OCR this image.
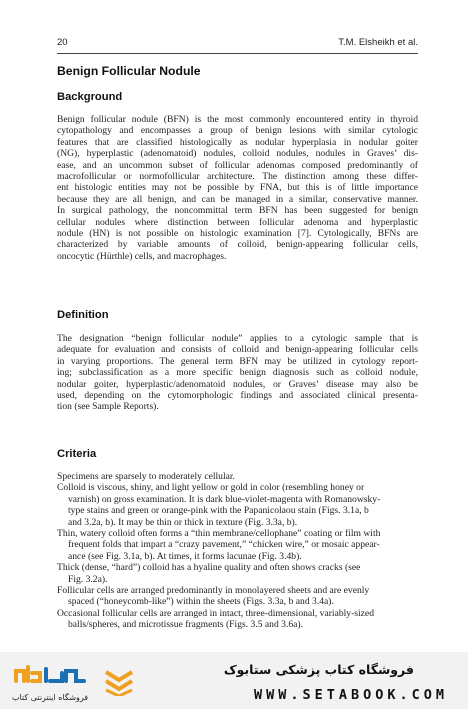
20	T.M. Elsheikh et al.
Benign Follicular Nodule
Background
Benign follicular nodule (BFN) is the most commonly encountered entity in thyroid
cytopathology and encompasses a group of benign lesions with similar cytologic
features that are classified histologically as nodular hyperplasia in nodular goiter
(NG), hyperplastic (adenomatoid) nodules, colloid nodules, nodules in Graves’ dis-
ease, and an uncommon subset of follicular adenomas composed predominantly of
macrofollicular or normofollicular architecture. The distinction among these differ-
ent histologic entities may not be possible by FNA, but this is of little importance
because they are all benign, and can be managed in a similar, conservative manner.
In surgical pathology, the noncommittal term BFN has been suggested for benign
cellular nodules where distinction between follicular adenoma and hyperplastic
nodule (HN) is not possible on histologic examination [7]. Cytologically, BFNs are
characterized by variable amounts of colloid, benign-appearing follicular cells,
oncocytic (Hürthle) cells, and macrophages.
Definition
The designation “benign follicular nodule” applies to a cytologic sample that is
adequate for evaluation and consists of colloid and benign-appearing follicular cells
in varying proportions. The general term BFN may be utilized in cytology report-
ing; subclassification as a more specific benign diagnosis such as colloid nodule,
nodular goiter, hyperplastic/adenomatoid nodules, or Graves’ disease may also be
used, depending on the cytomorphologic findings and associated clinical presenta-
tion (see Sample Reports).
Criteria
Specimens are sparsely to moderately cellular.
Colloid is viscous, shiny, and light yellow or gold in color (resembling honey or
varnish) on gross examination. It is dark blue-violet-magenta with Romanowsky-
type stains and green or orange-pink with the Papanicolaou stain (Figs. 3.1a, b
and 3.2a, b). It may be thin or thick in texture (Fig. 3.3a, b).
Thin, watery colloid often forms a “thin membrane/cellophane” coating or film with
frequent folds that impart a “crazy pavement,” “chicken wire,” or mosaic appear-
ance (see Fig. 3.1a, b). At times, it forms lacunae (Fig. 3.4b).
Thick (dense, “hard”) colloid has a hyaline quality and often shows cracks (see
Fig. 3.2a).
Follicular cells are arranged predominantly in monolayered sheets and are evenly
spaced (“honeycomb-like”) within the sheets (Figs. 3.3a, b and 3.4a).
Occasional follicular cells are arranged in intact, three-dimensional, variably-sized
balls/spheres, and microtissue fragments (Figs. 3.5 and 3.6a).
فروشگاه اینترنتی کتاب
فروشگاه کتاب پزشکی ستابوک
WWW.SETABOOK.COM
